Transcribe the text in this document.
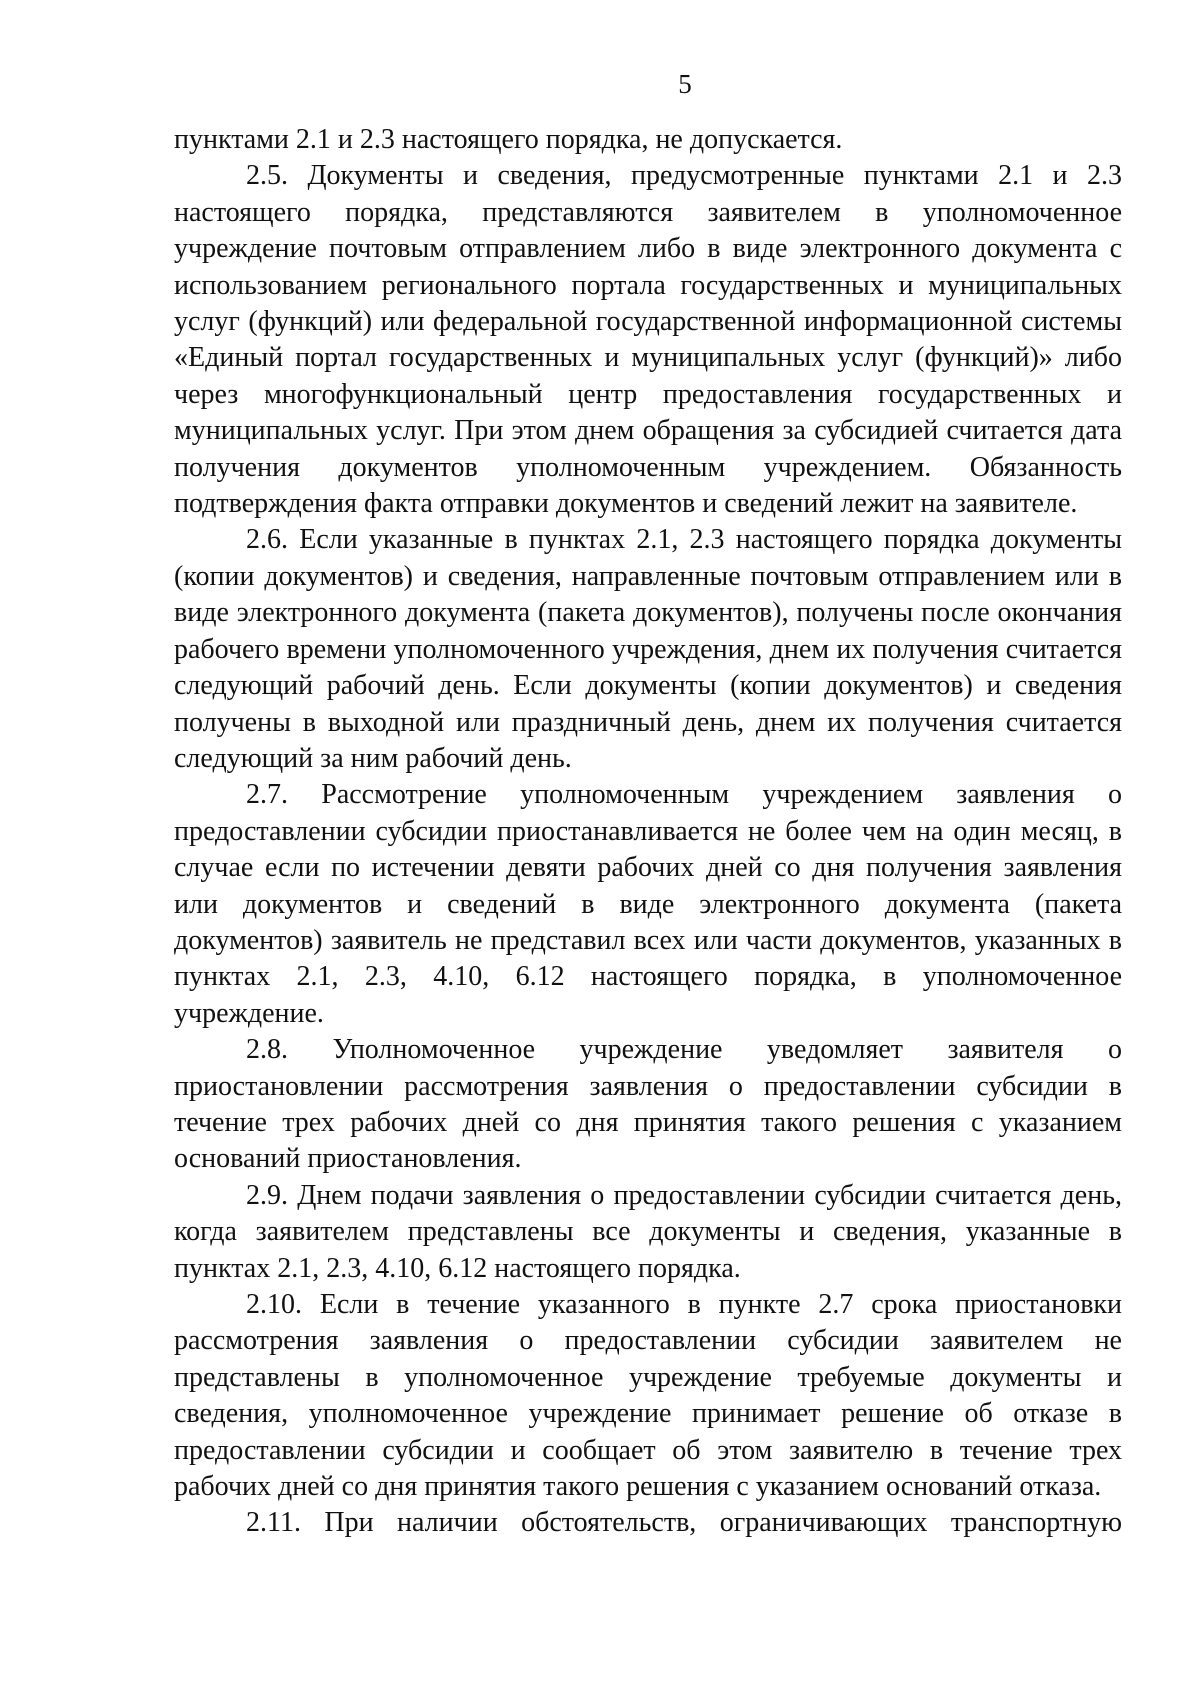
5

пунктами 2.1 и 2.3 настоящего порядка, не допускается.

2.5. Документы и сведения, предусмотренные пунктами 2.1 и 2.3 настоящего порядка, представляются заявителем в уполномоченное учреждение почтовым отправлением либо в виде электронного документа с использованием регионального портала государственных и муниципальных услуг (функций) или федеральной государственной информационной системы «Единый портал государственных и муниципальных услуг (функций)» либо через многофункциональный центр предоставления государственных и муниципальных услуг. При этом днем обращения за субсидией считается дата получения документов уполномоченным учреждением. Обязанность подтверждения факта отправки документов и сведений лежит на заявителе.

2.6. Если указанные в пунктах 2.1, 2.3 настоящего порядка документы (копии документов) и сведения, направленные почтовым отправлением или в виде электронного документа (пакета документов), получены после окончания рабочего времени уполномоченного учреждения, днем их получения считается следующий рабочий день. Если документы (копии документов) и сведения получены в выходной или праздничный день, днем их получения считается следующий за ним рабочий день.

2.7. Рассмотрение уполномоченным учреждением заявления о предоставлении субсидии приостанавливается не более чем на один месяц, в случае если по истечении девяти рабочих дней со дня получения заявления или документов и сведений в виде электронного документа (пакета документов) заявитель не представил всех или части документов, указанных в пунктах 2.1, 2.3, 4.10, 6.12 настоящего порядка, в уполномоченное учреждение.

2.8. Уполномоченное учреждение уведомляет заявителя о приостановлении рассмотрения заявления о предоставлении субсидии в течение трех рабочих дней со дня принятия такого решения с указанием оснований приостановления.

2.9. Днем подачи заявления о предоставлении субсидии считается день, когда заявителем представлены все документы и сведения, указанные в пунктах 2.1, 2.3, 4.10, 6.12 настоящего порядка.

2.10. Если в течение указанного в пункте 2.7 срока приостановки рассмотрения заявления о предоставлении субсидии заявителем не представлены в уполномоченное учреждение требуемые документы и сведения, уполномоченное учреждение принимает решение об отказе в предоставлении субсидии и сообщает об этом заявителю в течение трех рабочих дней со дня принятия такого решения с указанием оснований отказа.

2.11. При наличии обстоятельств, ограничивающих транспортную
